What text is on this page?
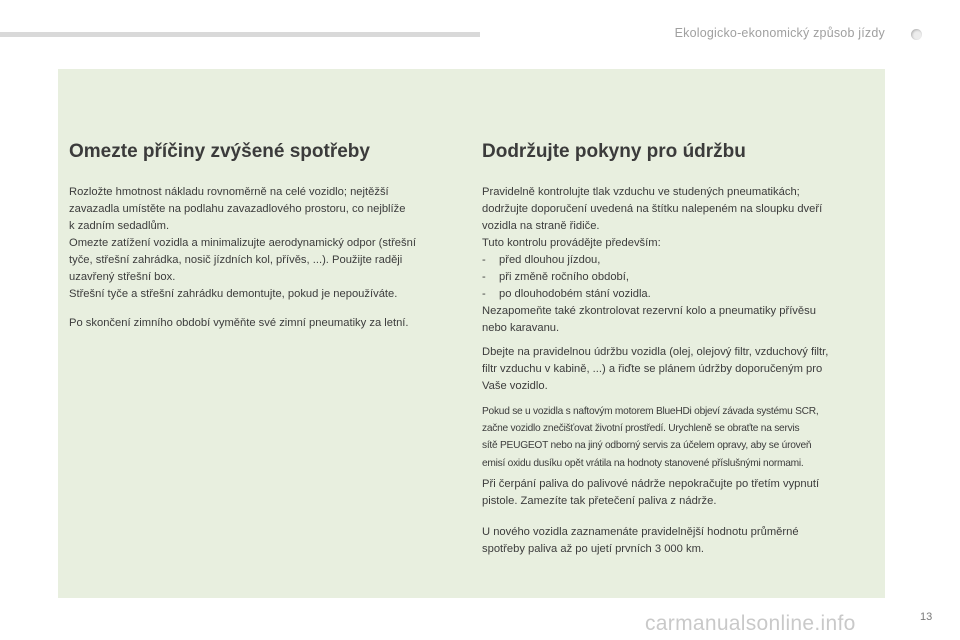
Ekologicko-ekonomický způsob jízdy
Omezte příčiny zvýšené spotřeby
Rozložte hmotnost nákladu rovnoměrně na celé vozidlo; nejtěžší
zavazadla umístěte na podlahu zavazadlového prostoru, co nejblíže
k zadním sedadlům.
Omezte zatížení vozidla a minimalizujte aerodynamický odpor (střešní
tyče, střešní zahrádka, nosič jízdních kol, přívěs, ...). Použijte raději
uzavřený střešní box.
Střešní tyče a střešní zahrádku demontujte, pokud je nepoužíváte.
Po skončení zimního období vyměňte své zimní pneumatiky za letní.
Dodržujte pokyny pro údržbu
Pravidelně kontrolujte tlak vzduchu ve studených pneumatikách;
dodržujte doporučení uvedená na štítku nalepeném na sloupku dveří
vozidla na straně řidiče.
Tuto kontrolu provádějte především:
- před dlouhou jízdou,
- při změně ročního období,
- po dlouhodobém stání vozidla.
Nezapomeňte také zkontrolovat rezervní kolo a pneumatiky přívěsu
nebo karavanu.
Dbejte na pravidelnou údržbu vozidla (olej, olejový filtr, vzduchový filtr,
filtr vzduchu v kabině, ...) a řiďte se plánem údržby doporučeným pro
Vaše vozidlo.
Pokud se u vozidla s naftovým motorem BlueHDi objeví závada systému SCR,
začne vozidlo znečišťovat životní prostředí. Urychleně se obraťte na servis
sítě PEUGEOT nebo na jiný odborný servis za účelem opravy, aby se úroveň
emisí oxidu dusíku opět vrátila na hodnoty stanovené příslušnými normami.
Při čerpání paliva do palivové nádrže nepokračujte po třetím vypnutí
pistole. Zamezíte tak přetečení paliva z nádrže.
U nového vozidla zaznamenáte pravidelnější hodnotu průměrné
spotřeby paliva až po ujetí prvních 3 000 km.
carmanualsonline.info	13
